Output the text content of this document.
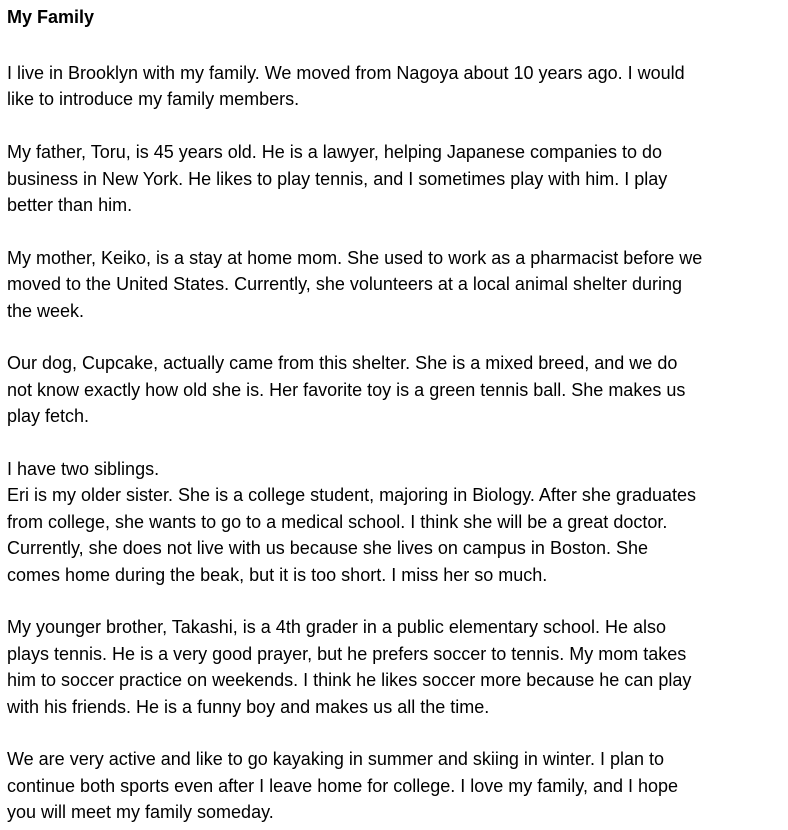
My Family
I live in Brooklyn with my family. We moved from Nagoya about 10 years ago. I would
like to introduce my family members.
My father, Toru, is 45 years old. He is a lawyer, helping Japanese companies to do
business in New York. He likes to play tennis, and I sometimes play with him. I play
better than him.
My mother, Keiko, is a stay at home mom. She used to work as a pharmacist before we
moved to the United States. Currently, she volunteers at a local animal shelter during
the week.
Our dog, Cupcake, actually came from this shelter. She is a mixed breed, and we do
not know exactly how old she is. Her favorite toy is a green tennis ball. She makes us
play fetch.
I have two siblings.
Eri is my older sister. She is a college student, majoring in Biology. After she graduates
from college, she wants to go to a medical school. I think she will be a great doctor.
Currently, she does not live with us because she lives on campus in Boston. She
comes home during the beak, but it is too short. I miss her so much.
My younger brother, Takashi, is a 4th grader in a public elementary school. He also
plays tennis. He is a very good prayer, but he prefers soccer to tennis. My mom takes
him to soccer practice on weekends. I think he likes soccer more because he can play
with his friends. He is a funny boy and makes us all the time.
We are very active and like to go kayaking in summer and skiing in winter. I plan to
continue both sports even after I leave home for college. I love my family, and I hope
you will meet my family someday.
